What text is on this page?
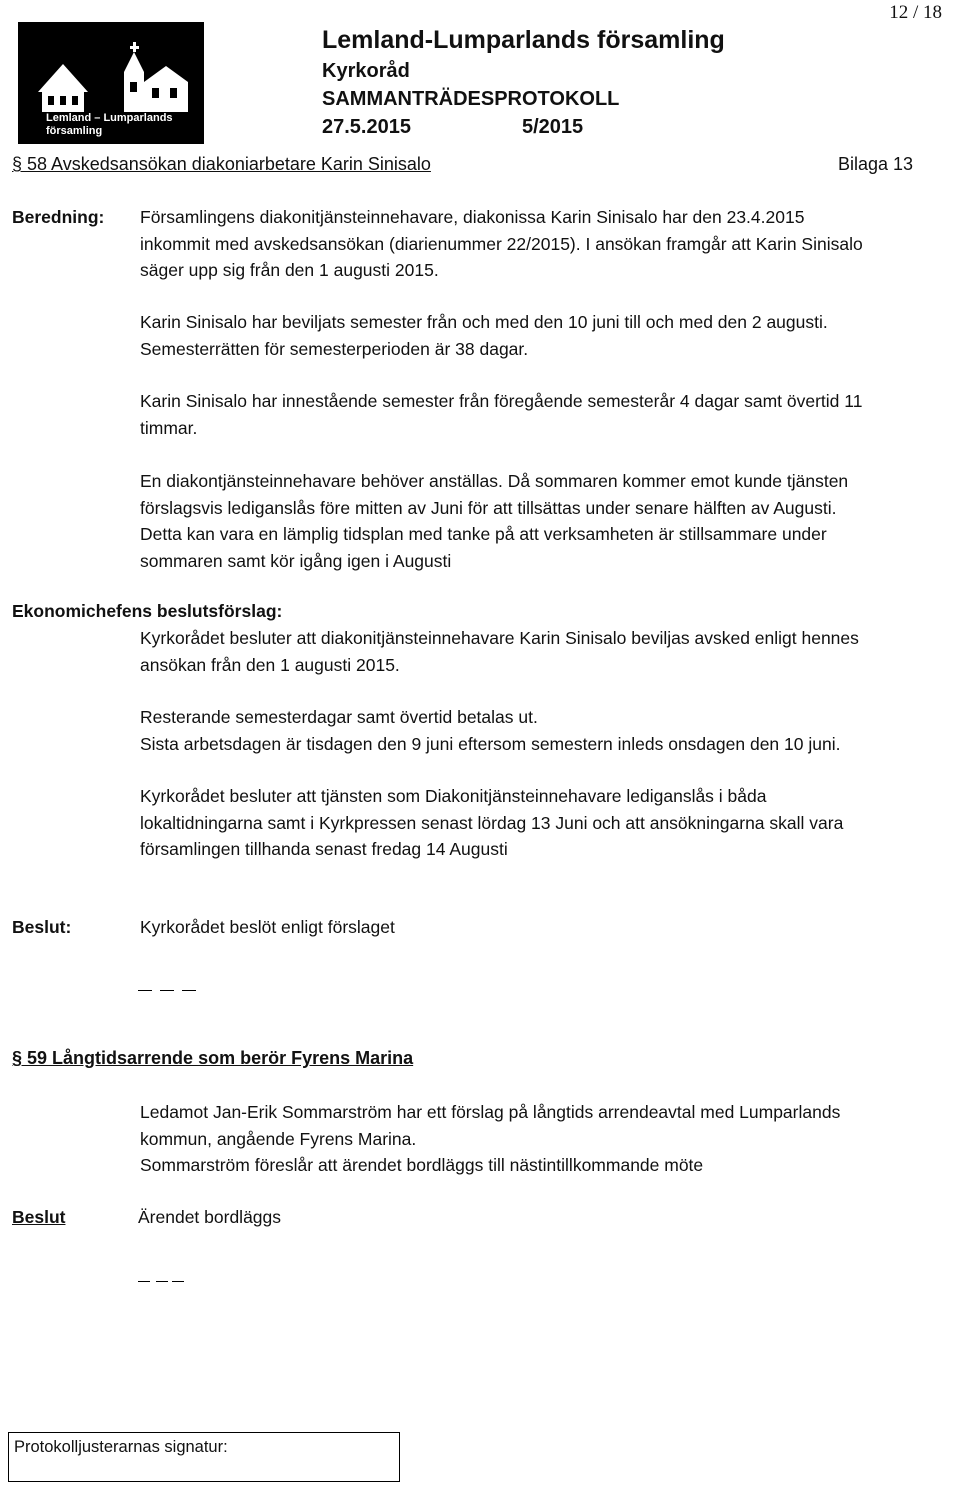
12 / 18
Lemland – Lumparlands
församling
Lemland-Lumparlands församling
Kyrkoråd
SAMMANTRÄDESPROTOKOLL
27.5.2015	5/2015
§ 58 Avskedsansökan diakoniarbetare Karin Sinisalo	Bilaga 13
Beredning: Församlingens diakonitjänsteinnehavare, diakonissa Karin Sinisalo har den 23.4.2015
inkommit med avskedsansökan (diarienummer 22/2015). I ansökan framgår att Karin Sinisalo
säger upp sig från den 1 augusti 2015.
Karin Sinisalo har beviljats semester från och med den 10 juni till och med den 2 augusti.
Semesterrätten för semesterperioden är 38 dagar.
Karin Sinisalo har innestående semester från föregående semesterår 4 dagar samt övertid 11
timmar.
En diakontjänsteinnehavare behöver anställas. Då sommaren kommer emot kunde tjänsten
förslagsvis lediganslås före mitten av Juni för att tillsättas under senare hälften av Augusti.
Detta kan vara en lämplig tidsplan med tanke på att verksamheten är stillsammare under
sommaren samt kör igång igen i Augusti
Ekonomichefens beslutsförslag:
Kyrkorådet besluter att diakonitjänsteinnehavare Karin Sinisalo beviljas avsked enligt hennes
ansökan från den 1 augusti 2015.
Resterande semesterdagar samt övertid betalas ut.
Sista arbetsdagen är tisdagen den 9 juni eftersom semestern inleds onsdagen den 10 juni.
Kyrkorådet besluter att tjänsten som Diakonitjänsteinnehavare lediganslås i båda
lokaltidningarna samt i Kyrkpressen senast lördag 13 Juni och att ansökningarna skall vara
församlingen tillhanda senast fredag 14 Augusti
Beslut:	Kyrkorådet beslöt enligt förslaget
§ 59 Långtidsarrende som berör Fyrens Marina
Ledamot Jan-Erik Sommarström har ett förslag på långtids arrendeavtal med Lumparlands
kommun, angående Fyrens Marina.
Sommarström föreslår att ärendet bordläggs till nästintillkommande möte
Beslut	Ärendet bordläggs
Protokolljusterarnas signatur:
